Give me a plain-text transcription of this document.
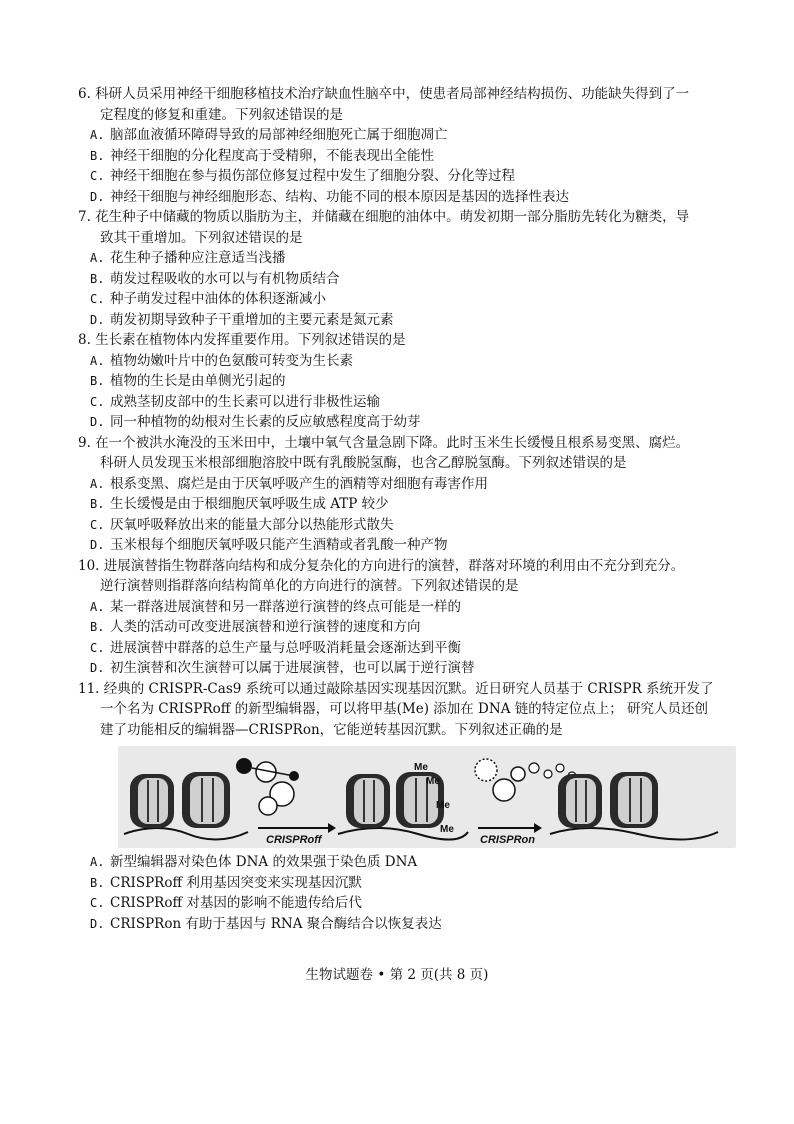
6. 科研人员采用神经干细胞移植技术治疗缺血性脑卒中，使患者局部神经结构损伤、功能缺失得到了一
定程度的修复和重建。下列叙述错误的是

A. 脑部血液循环障碍导致的局部神经细胞死亡属于细胞凋亡

B. 神经干细胞的分化程度高于受精卵，不能表现出全能性

C. 神经干细胞在参与损伤部位修复过程中发生了细胞分裂、分化等过程

D. 神经干细胞与神经细胞形态、结构、功能不同的根本原因是基因的选择性表达

7. 花生种子中储藏的物质以脂肪为主，并储藏在细胞的油体中。萌发初期一部分脂肪先转化为糖类，导
致其干重增加。下列叙述错误的是

A. 花生种子播种应注意适当浅播

B. 萌发过程吸收的水可以与有机物质结合

C. 种子萌发过程中油体的体积逐渐减小

D. 萌发初期导致种子干重增加的主要元素是氮元素

8. 生长素在植物体内发挥重要作用。下列叙述错误的是

A. 植物幼嫩叶片中的色氨酸可转变为生长素

B. 植物的生长是由单侧光引起的

C. 成熟茎韧皮部中的生长素可以进行非极性运输

D. 同一种植物的幼根对生长素的反应敏感程度高于幼芽

9. 在一个被洪水淹没的玉米田中，土壤中氧气含量急剧下降。此时玉米生长缓慢且根系易变黑、腐烂。
科研人员发现玉米根部细胞溶胶中既有乳酸脱氢酶，也含乙醇脱氢酶。下列叙述错误的是

A. 根系变黑、腐烂是由于厌氧呼吸产生的酒精等对细胞有毒害作用

B. 生长缓慢是由于根细胞厌氧呼吸生成 ATP 较少

C. 厌氧呼吸释放出来的能量大部分以热能形式散失

D. 玉米根每个细胞厌氧呼吸只能产生酒精或者乳酸一种产物

10. 进展演替指生物群落向结构和成分复杂化的方向进行的演替，群落对环境的利用由不充分到充分。
逆行演替则指群落向结构简单化的方向进行的演替。下列叙述错误的是

A. 某一群落进展演替和另一群落逆行演替的终点可能是一样的

B. 人类的活动可改变进展演替和逆行演替的速度和方向

C. 进展演替中群落的总生产量与总呼吸消耗量会逐渐达到平衡

D. 初生演替和次生演替可以属于进展演替，也可以属于逆行演替

11. 经典的 CRISPR-Cas9 系统可以通过敲除基因实现基因沉默。近日研究人员基于 CRISPR 系统开发了
一个名为 CRISPRoff 的新型编辑器，可以将甲基(Me) 添加在 DNA 链的特定位点上； 研究人员还创
建了功能相反的编辑器—CRISPRon，它能逆转基因沉默。下列叙述正确的是

CRISPRoff
Me
Me
Me
Me
CRISPRon

A. 新型编辑器对染色体 DNA 的效果强于染色质 DNA

B. CRISPRoff 利用基因突变来实现基因沉默

C. CRISPRoff 对基因的影响不能遗传给后代

D. CRISPRon 有助于基因与 RNA 聚合酶结合以恢复表达

生物试题卷 • 第 2 页(共 8 页)
